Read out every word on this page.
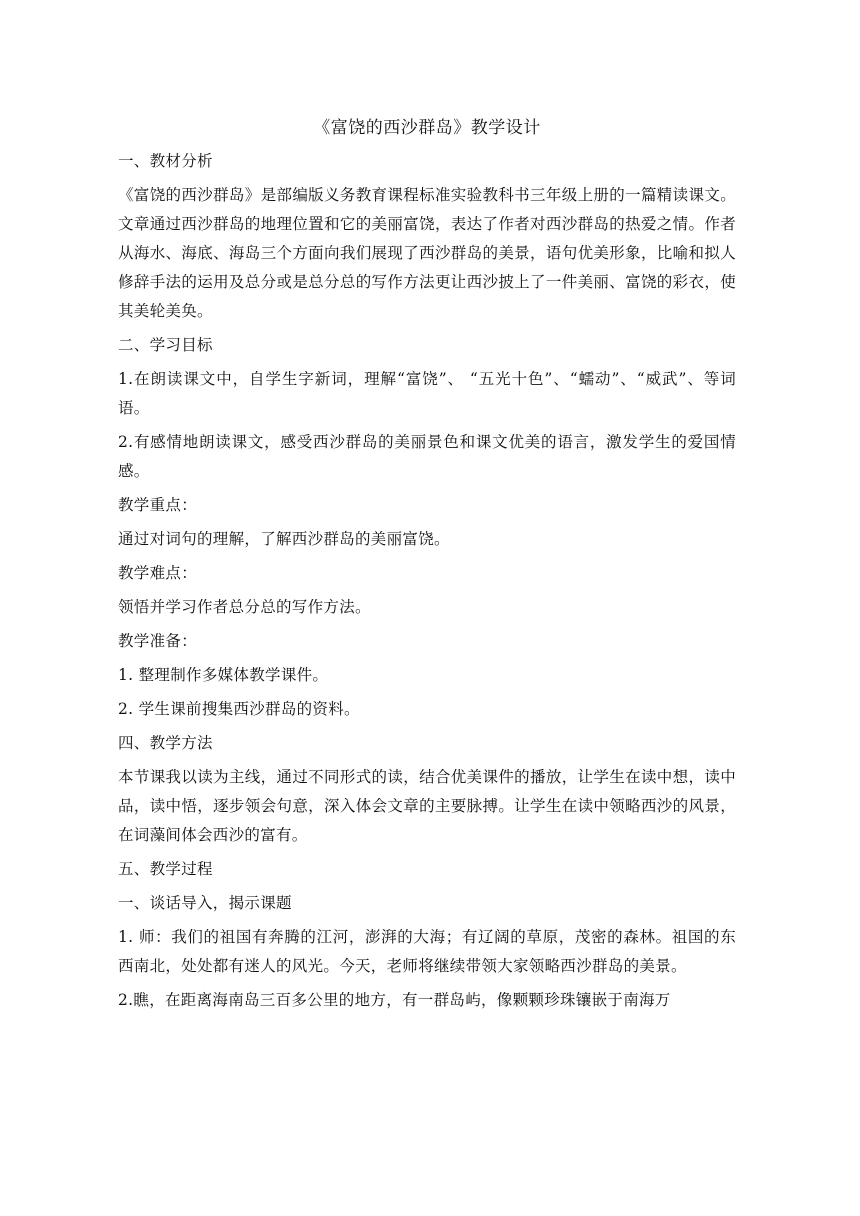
《富饶的西沙群岛》教学设计

一、教材分析

《富饶的西沙群岛》是部编版义务教育课程标准实验教科书三年级上册的一篇精读课文。文章通过西沙群岛的地理位置和它的美丽富饶，表达了作者对西沙群岛的热爱之情。作者从海水、海底、海岛三个方面向我们展现了西沙群岛的美景，语句优美形象，比喻和拟人修辞手法的运用及总分或是总分总的写作方法更让西沙披上了一件美丽、富饶的彩衣，使其美轮美奂。

二、学习目标

1.在朗读课文中，自学生字新词，理解“富饶”、 “五光十色”、“蠕动”、“威武”、等词语。

2.有感情地朗读课文，感受西沙群岛的美丽景色和课文优美的语言，激发学生的爱国情感。

教学重点：

通过对词句的理解，了解西沙群岛的美丽富饶。

教学难点：

领悟并学习作者总分总的写作方法。

教学准备：

1. 整理制作多媒体教学课件。

2. 学生课前搜集西沙群岛的资料。

四、教学方法

本节课我以读为主线，通过不同形式的读，结合优美课件的播放，让学生在读中想，读中品，读中悟，逐步领会句意，深入体会文章的主要脉搏。让学生在读中领略西沙的风景，在词藻间体会西沙的富有。

五、教学过程

一、谈话导入，揭示课题

1. 师：我们的祖国有奔腾的江河，澎湃的大海；有辽阔的草原，茂密的森林。祖国的东西南北，处处都有迷人的风光。今天，老师将继续带领大家领略西沙群岛的美景。

2.瞧，在距离海南岛三百多公里的地方，有一群岛屿，像颗颗珍珠镶嵌于南海万
